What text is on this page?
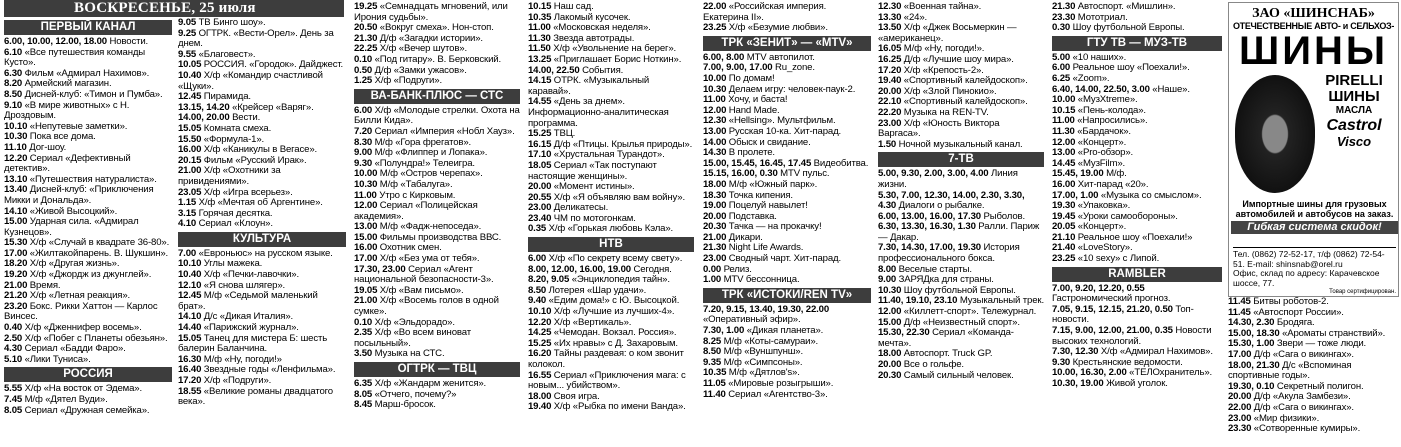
ВОСКРЕСЕНЬЕ, 25 июля
ПЕРВЫЙ КАНАЛ
6.00, 10.00, 12.00, 18.00 Новости.
6.10 «Все путешествия команды Кусто».
6.30 Фильм «Адмирал Нахимов».
8.20 Армейский магазин.
8.50 Дисней-клуб: «Тимон и Пумба».
9.10 «В мире животных» с Н. Дроздовым.
10.10 «Непутевые заметки».
10.30 Пока все дома.
11.10 Дог-шоу.
12.20 Сериал «Дефективный детектив».
13.10 «Путешествия натуралиста».
13.40 Дисней-клуб: «Приключения Микки и Дональда».
14.10 «Живой Высоцкий».
15.00 Ударная сила. «Адмирал Кузнецов».
15.30 Х/ф «Случай в квадрате 36-80».
17.00 «Жилтакойпарень. В. Шукшин».
18.20 Х/ф «Другая жизнь».
19.20 Х/ф «Джордж из джунглей».
21.00 Время.
21.20 Х/ф «Летная реакция».
23.20 Бокс. Рикки Хаттон — Карлос Винсес.
0.40 Х/ф «Дженнифер восемь».
2.50 Х/ф «Побег с Планеты обезьян».
4.30 Сериал «Бадди Фаро».
5.10 «Лики Туниса».
РОССИЯ
5.55 Х/ф «На восток от Эдема».
7.45 М/ф «Дятел Вуди».
8.05 Сериал «Дружная семейка».
9.05 ТВ Бинго шоу».
9.25 ОГТРК. «Вести-Орел». День за днем.
9.55 «Благовест».
10.05 РОССИЯ. «Городок». Дайджест.
10.40 Х/ф «Командир счастливой «Щуки».
12.45 Пирамида.
13.15, 14.20 «Крейсер «Варяг».
14.00, 20.00 Вести.
15.05 Комната смеха.
15.50 «Формула-1».
16.00 Х/ф «Каникулы в Вегасе».
20.15 Фильм «Русский Ирак».
21.00 Х/ф «Охотники за привидениями».
23.05 Х/ф «Игра всерьез».
1.15 Х/ф «Мечтая об Аргентине».
3.15 Горячая десятка.
4.10 Сериал «Клоун».
КУЛЬТУРА
7.00 «Евроньюс» на русском языке.
10.10 Углы мажека.
10.40 Х/ф «Печки-лавочки».
12.10 «Я снова шлягер».
12.45 М/ф «Седьмой маленький брат».
14.10 Д/с «Дикая Италия».
14.40 «Парижский журнал».
15.05 Танец для мистера Б: шесть балерин Баланчина.
16.30 М/ф «Ну, погоди!»
16.40 Звездные годы «Ленфильма».
17.20 Х/ф «Подруги».
18.55 «Великие романы двадцатого века».
19.25 «Семнадцать мгновений, или Ирония судьбы».
20.50 «Вокруг смеха». Нон-стоп.
21.30 Д/ф «Загадки истории».
22.25 Х/ф «Вечер шутов».
0.10 «Под гитару». В. Берковский.
0.50 Д/ф «Замки ужасов».
1.25 Х/ф «Подруги».
ВА-БАНК-ПЛЮС — СТС
6.00 Х/ф «Молодые стрелки. Охота на Билли Кида».
7.20 Сериал «Империя «Нобл Хауз».
8.30 М/ф «Гора фрегатов».
9.00 М/ф «Флиппер и Лопака».
9.30 «Полундра!» Телеигра.
10.00 М/ф «Остров черепах».
10.30 М/ф «Табалуга».
11.00 Утро с Кирковым.
12.00 Сериал «Полицейская академия».
13.00 М/ф «Фадж-непоседа».
15.00 Фильмы производства ВВС.
16.00 Охотник смен.
17.00 Х/ф «Без ума от тебя».
17.30, 23.00 Сериал «Агент национальной безопасности-3».
19.05 Х/ф «Вам письмо».
21.00 Х/ф «Восемь голов в одной сумке».
0.10 Х/ф «Эльдорадо».
2.35 Х/ф «Во всем виноват посыльный».
3.50 Музыка на СТС.
ОГТРК — ТВЦ
6.35 Х/ф «Жандарм женится».
8.05 «Отчего, почему?»
8.45 Марш-бросок.
10.15 Наш сад.
10.35 Лакомый кусочек.
11.00 «Московская неделя».
11.30 Звезда автотрады.
11.50 Х/ф «Увольнение на берег».
13.25 «Приглашает Борис Ноткин».
14.00, 22.50 События.
14.15 ОТРК. «Музыкальный каравай».
14.55 «День за днем». Информационно-аналитическая программа.
15.25 ТВЦ.
16.15 Д/ф «Птицы. Крылья природы».
17.10 «Хрустальная Турандот».
18.05 Сериал «Так поступают настоящие женщины».
20.00 «Момент истины».
20.55 Х/ф «Я объявляю вам войну».
23.00 Деликатесы.
23.40 ЧМ по мотогонкам.
0.35 Х/ф «Горькая любовь Кэла».
НТВ
6.00 Х/ф «По секрету всему свету».
8.00, 12.00, 16.00, 19.00 Сегодня.
8.20, 9.05 «Энциклопедия тайн».
8.50 Лотерея «Шар удачи».
9.40 «Едим дома!» с Ю. Высоцкой.
10.10 Х/ф «Лучшие из лучших-4».
12.20 Х/ф «Вертикаль».
14.25 «Чемодан. Вокзал. Россия».
15.25 «Их нравы» с Д. Захаровым.
16.20 Тайны раздевая: о ком звонит колокол.
16.55 Сериал «Приключения мага: с новым... убийством».
18.00 Своя игра.
19.40 Х/ф «Рыбка по имени Ванда».
22.00 «Российская империя. Екатерина II».
23.25 Х/ф «Безумие любви».
ТРК «ЗЕНИТ» — «MTV»
6.00, 8.00 MTV автопилот.
7.00, 9.00, 17.00 Ru_zone.
10.00 По домам!
10.30 Делаем игру: человек-паук-2.
11.00 Хочу, и баста!
12.00 Hand Made.
12.30 «Hellsing». Мультфильм.
13.00 Русская 10-ка. Хит-парад.
14.00 Обыск и свидание.
14.30 В пролете.
15.00, 15.45, 16.45, 17.45 Видеобитва.
15.15, 16.00, 0.30 MTV пульс.
18.00 М/ф «Южный парк».
18.30 Точка кипения.
19.00 Поцелуй навылет!
20.00 Подставка.
20.30 Тачка — на прокачку!
21.00 Дикари.
21.30 Night Life Awards.
23.00 Сводный чарт. Хит-парад.
0.00 Релиз.
1.00 MTV бессонница.
ТРК «ИСТОКИ/REN TV»
7.20, 9.15, 13.40, 19.30, 22.00 «Оперативный эфир».
7.30, 1.00 «Дикая планета».
8.25 М/ф «Коты-самураи».
8.50 М/ф «Вуншпунш».
9.35 М/ф «Симпсоны».
10.35 М/ф «Дятлов's».
11.05 «Мировые розыгрыши».
11.40 Сериал «Агентство-3».
12.30 «Военная тайна».
13.30 «24».
13.50 Х/ф «Джек Восьмеркин — «американец».
16.05 М/ф «Ну, погоди!».
16.25 Д/ф «Лучшие шоу мира».
17.20 Х/ф «Крепость-2».
19.40 «Спортивный калейдоскоп».
20.00 Х/ф «Злой Пинокио».
22.10 «Спортивный калейдоскоп».
22.20 Музыка на REN-TV.
23.00 Х/ф «Юность Виктора Варгаса».
1.50 Ночной музыкальный канал.
7-ТВ
5.00, 9.30, 2.00, 3.00, 4.00 Линия жизни.
5.30, 7.00, 12.30, 14.00, 2.30, 3.30, 4.30 Диалоги о рыбалке.
6.00, 13.00, 16.00, 17.30 Рыболов.
6.30, 13.30, 16.30, 1.30 Ралли. Париж — Дакар.
7.30, 14.30, 17.00, 19.30 История профессионального бокса.
8.00 Веселые старты.
9.00 ЗАРЯДка для страны.
10.30 Шоу футбольной Европы.
11.40, 19.10, 23.10 Музыкальный трек.
12.00 «Киллетт-спорт». Тележурнал.
15.00 Д/ф «Неизвестный спорт».
15.30, 22.30 Сериал «Команда-мечта».
18.00 Автоспорт. Truck GP.
20.00 Все о гольфе.
20.30 Самый сильный человек.
21.30 Автоспорт. «Мишлин».
23.30 Мототриал.
0.30 Шоу футбольной Европы.
ГТУ ТВ — МУЗ-ТВ
5.00 «10 наших».
6.00 Реальное шоу «Поехали!».
6.25 «Zoom».
6.40, 14.00, 22.50, 3.00 «Наше».
10.00 «МузXtreme».
10.15 «Пень-колода».
11.00 «Напросились».
11.30 «Бардачок».
12.00 «Концерт».
13.00 «Pro-обзор».
14.45 «МузFilm».
15.45, 19.00 М/ф.
16.00 Хит-парад «20».
17.00, 1.00 «Музыка со смыслом».
19.30 «Упаковка».
19.45 «Уроки самообороны».
20.05 «Концерт».
21.10 Реальное шоу «Поехали!»
21.40 «LoveStory».
23.25 «10 sexy» с Липой.
RAMBLER
7.00, 9.20, 12.20, 0.55 Гастрономический прогноз.
7.05, 9.15, 12.15, 21.20, 0.50 Топ-новости.
7.15, 9.00, 12.00, 21.00, 0.35 Новости высоких технологий.
7.30, 12.30 Х/ф «Адмирал Нахимов».
9.30 Крестьянские ведомости.
10.00, 16.30, 2.00 «ТЕЛОхранитель».
10.30, 19.00 Живой уголок.
11.45 Битвы роботов-2.
11.45 «Автоспорт России».
14.30, 2.30 Бродяга.
15.00, 18.30 «Ароматы странствий».
15.30, 1.00 Звери — тоже люди.
17.00 Д/ф «Сага о викингах».
18.00, 21.30 Д/с «Вспоминая спортивные годы».
19.30, 0.10 Секретный полигон.
20.00 Д/ф «Акула Замбези».
22.00 Д/ф «Сага о викингах».
23.00 «Мир физики».
23.30 «Сотворенные кумиры».
ЗАО «ШИНСНАБ»
ОТЕЧЕСТВЕННЫЕ АВТО- и СЕЛЬХОЗ-
ШИНЫ
PIRELLI
ШИНЫ
МАСЛА
Castrol
Visco
Импортные шины для грузовых автомобилей и автобусов на заказ.
Гибкая система скидок!
Тел. (0862) 72-52-17, т/ф (0862) 72-54-51. E-mail: shinsnab@orel.ru
Офис, склад по адресу: Карачевское шоссе, 77.
Товар сертифицирован.
